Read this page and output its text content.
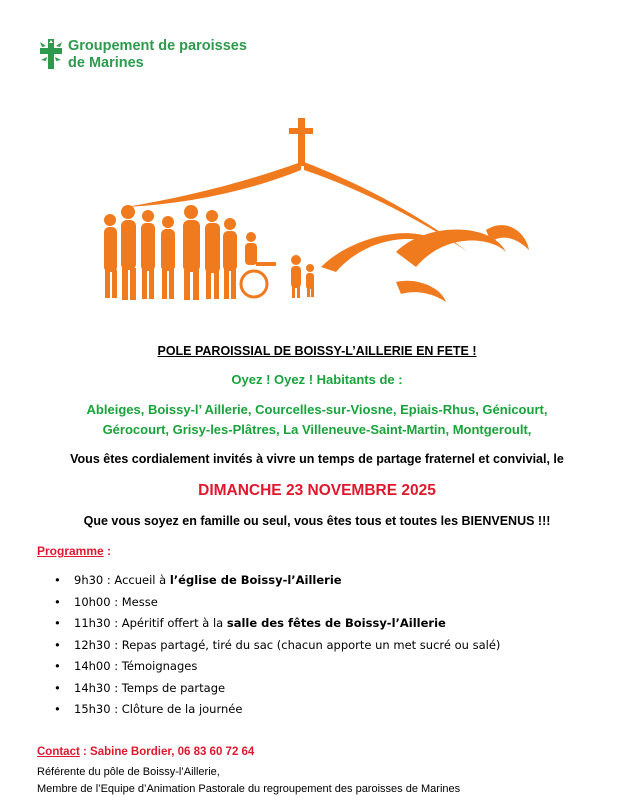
Groupement de paroisses
de Marines
POLE PAROISSIAL DE BOISSY-L’AILLERIE EN FETE !
Oyez ! Oyez ! Habitants de :
Ableiges, Boissy-l’ Aillerie, Courcelles-sur-Viosne, Epiais-Rhus, Génicourt,
Gérocourt, Grisy-les-Plâtres, La Villeneuve-Saint-Martin, Montgeroult,
Vous êtes cordialement invités à vivre un temps de partage fraternel et convivial, le
DIMANCHE 23 NOVEMBRE 2025
Que vous soyez en famille ou seul, vous êtes tous et toutes les BIENVENUS !!!
Programme :
• 9h30 : Accueil à l’église de Boissy-l’Aillerie
• 10h00 : Messe
• 11h30 : Apéritif offert à la salle des fêtes de Boissy-l’Aillerie
• 12h30 : Repas partagé, tiré du sac (chacun apporte un met sucré ou salé)
• 14h00 : Témoignages
• 14h30 : Temps de partage
• 15h30 : Clôture de la journée
Contact : Sabine Bordier, 06 83 60 72 64
Référente du pôle de Boissy-l’Aillerie,
Membre de l’Equipe d’Animation Pastorale du regroupement des paroisses de Marines
